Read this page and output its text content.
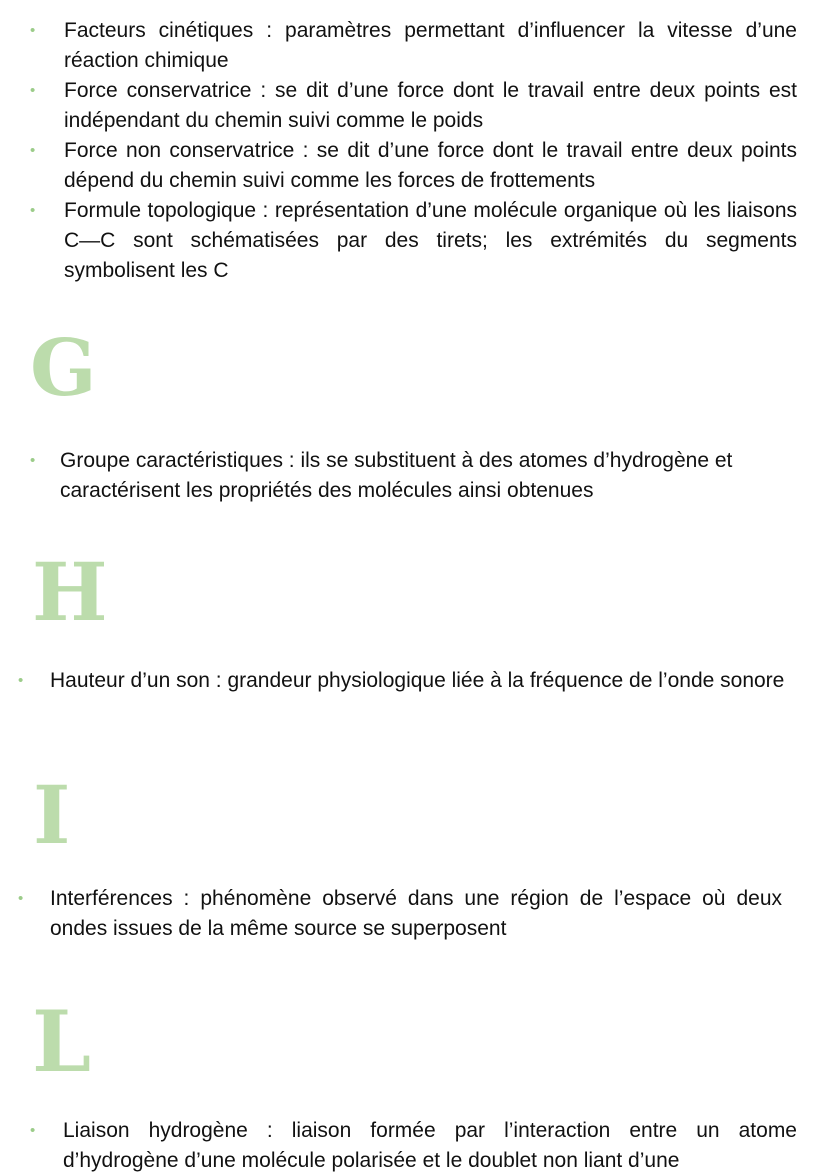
• Facteurs cinétiques : paramètres permettant d’influencer la vitesse d’une réaction chimique
• Force conservatrice : se dit d’une force dont le travail entre deux points est indépendant du chemin suivi comme le poids
• Force non conservatrice : se dit d’une force dont le travail entre deux points dépend du chemin suivi comme les forces de frottements
• Formule topologique : représentation d’une molécule organique où les liaisons C—C sont schématisées par des tirets; les extrémités du segments symbolisent les C
G
• Groupe caractéristiques : ils se substituent à des atomes d’hydrogène et caractérisent les propriétés des molécules ainsi obtenues
H
• Hauteur d’un son : grandeur physiologique liée à la fréquence de l’onde sonore
I
• Interférences : phénomène observé dans une région de l’espace où deux ondes issues de la même source se superposent
L
• Liaison hydrogène : liaison formée par l’interaction entre un atome d’hydrogène d’une molécule polarisée et le doublet non liant d’une
